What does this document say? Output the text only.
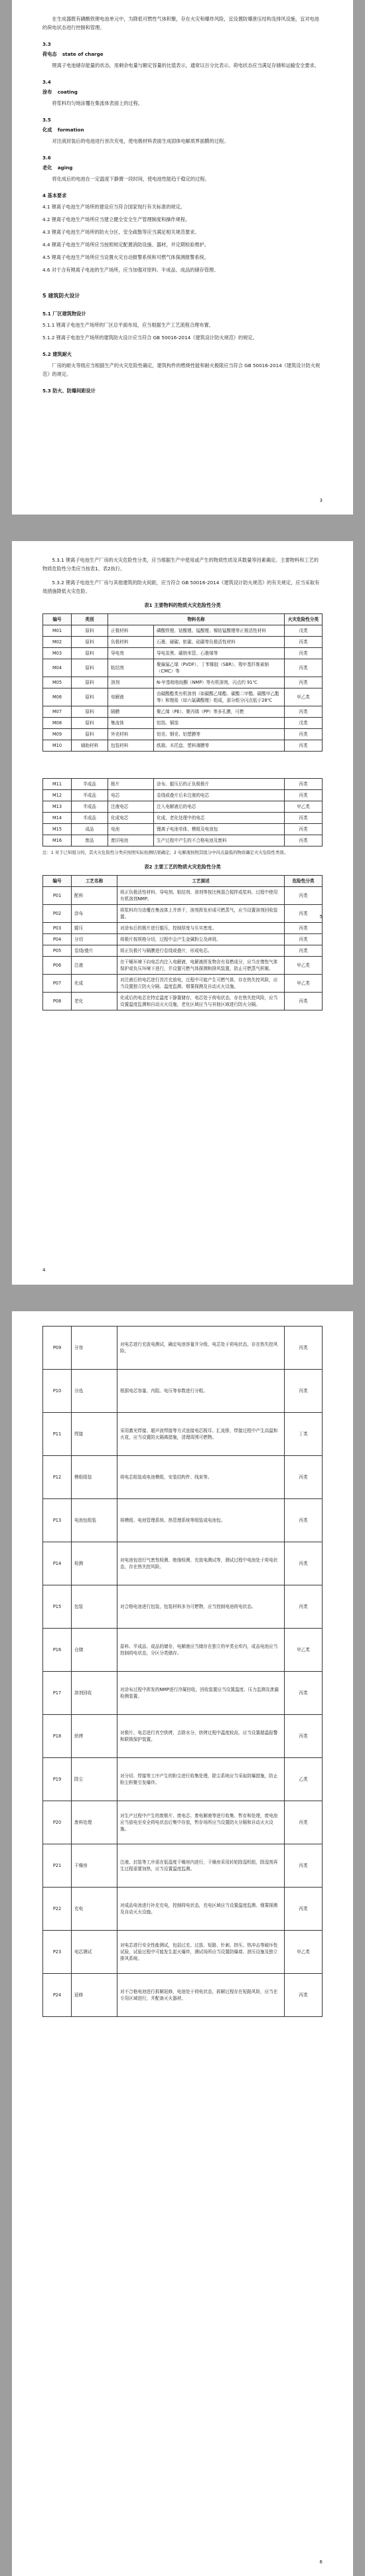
在生成器既有磷酸铁锂电池单元中，为降低可燃性气体积聚，存在火灾和爆炸风险，宜设置防爆泄压结构及排风设施，宜对电池的荷电状态进行控制和管理。

3.3
荷电态 state of charge

锂离子电池储存能量的状态，用剩余电量与额定容量的比值表示，通常以百分比表示。荷电状态应当满足存储和运输安全要求。

3.4
涂布 coating

将浆料均匀地涂覆在集流体表面上的过程。

3.5
化成 formation

对注液封装后的电池进行首次充电，使电极材料表面生成固体电解质界面膜的过程。

3.6
老化 aging

将化成后的电池在一定温度下静置一段时间，使电池性能趋于稳定的过程。

4 基本要求

4.1 锂离子电池生产场所的建设应当符合国家现行有关标准的规定。

4.2 锂离子电池生产场所应当建立健全安全生产管理制度和操作规程。

4.3 锂离子电池生产场所的防火分区、安全疏散等应当满足相关规范要求。

4.4 锂离子电池生产场所应当按照规定配置消防设施、器材，并定期检验维护。

4.5 锂离子电池生产场所应当设置火灾自动报警系统和可燃气体探测报警系统。

4.6 对于含有锂离子电池的生产场所，应当加强对原料、半成品、成品的储存管理。

5 建筑防火设计
5.1 厂区建筑物设计

5.1.1 锂离子电池生产场所的厂区总平面布局，应当根据生产工艺流程合理布置。

5.1.2 锂离子电池生产场所的建筑防火设计应当符合 GB 50016-2014《建筑设计防火规范》的规定。

5.2 建筑耐火

厂房的耐火等级应当根据生产的火灾危险性确定，建筑构件的燃烧性能和耐火极限应当符合 GB 50016-2014《建筑设计防火规范》的规定。

5.3 防火、防爆间距设计
3

5.3.1 锂离子电池生产厂房的火灾危险性分类，应当根据生产中使用或产生的物质性质及其数量等因素确定。主要物料和工艺的物质危险性分类应当按表1、表2执行。

5.3.2 锂离子电池生产厂房与其他建筑的防火间距，应当符合 GB 50016-2014《建筑设计防火规范》的有关规定，应当采取有效措施降低火灾危险。

表1 主要物料的物质火灾危险性分类
编号	类别	物料名称		火灾危险性分类
M01	原料	正极材料	磷酸铁锂、钴酸锂、锰酸锂、镍钴锰酸锂等正极活性材料	戊类
M02	原料	负极材料	石墨、硬碳、软碳、硅碳等负极活性材料	丙类
M03	原料	导电剂	导电炭黑、碳纳米管、石墨烯等	丙类
M04	原料	粘结剂	聚偏氟乙烯（PVDF）、丁苯橡胶（SBR）、羧甲基纤维素钠（CMC）等	丙类
M05	原料	溶剂	N-甲基吡咯烷酮（NMP）等有机溶剂，闪点约 91℃	丙类
M06	原料	电解液	由碳酸酯类有机溶剂（如碳酸乙烯酯、碳酸二甲酯、碳酸甲乙酯等）和锂盐（如六氟磷酸锂）组成，部分组分闪点低于28℃	甲乙类
M07	原料	隔膜	聚乙烯（PE）、聚丙烯（PP）等多孔膜，可燃	丙类
M08	原料	集流体	铝箔、铜箔	戊类
M09	原料	外壳材料	铝壳、钢壳、铝塑膜等	丙类
M10	辅助材料	包装材料	纸箱、木托盘、塑料薄膜等	丙类
5
M11	半成品	极片	涂布、辊压后的正负极极片	丙类
M12	半成品	电芯	卷绕或叠片后未注液的电芯	丙类
M13	半成品	注液电芯	注入电解液后的电芯	甲乙类
M14	半成品	化成电芯	化成、老化处理中的电芯	丙类
M15	成品	电池	锂离子电池单体、模组及电池包	丙类
M16	废品	废旧电池	生产过程中产生的不合格电池及废料	丙类
注：1 对于已知组分的，其火灾危险性分类应按照实际检测结果确定；2 电解液按照其组分中闪点最低的物质确定火灾危险性类别。
表2 主要工艺的物质火灾危险性分类
编号	工艺名称	工艺描述	危险性分类
P01	配料	将正负极活性材料、导电剂、粘结剂、溶剂等按比例混合搅拌成浆料，过程中使用有机溶剂NMP。	丙类
P02	涂布	将浆料均匀涂覆在集流体上并烘干，溶剂挥发形成可燃蒸气，应当设置溶剂回收装置。	丙类
P03	辊压	对涂布后的极片进行辊压，控制厚度与压实密度。	丙类
P04	分切	将极片按规格分切，过程中会产生金属粉尘及碎屑。	丙类
P05	卷绕/叠片	将正负极片与隔膜进行卷绕或叠片，形成电芯。	丙类
P06	注液	在干燥环境下向电芯内注入电解液，电解液挥发物含有易燃成分，应当在惰性气体保护或负压环境下进行，并设置可燃气体探测和排风装置，防止可燃蒸气积聚。	甲乙类
P07	化成	对注液后的电芯进行首次充放电，过程中可能产生可燃气体，存在热失控风险，应当设置独立防火分隔、温度监测、烟雾探测及自动灭火设施。	甲乙类
P08	老化	化成后的电芯在特定温度下静置储存，电芯处于荷电状态，存在热失控风险，应当设置温度监测和自动灭火设施，老化区域应当与其他区域进行防火分隔。	丙类
4
P09	分容	对电芯进行充放电测试，确定电池容量并分级，电芯处于荷电状态，存在热失控风险。	丙类
P10	分选	根据电芯容量、内阻、电压等参数进行分组。	丙类
P11	焊接	采用激光焊接、超声波焊接等方式连接电芯极耳、汇流排，焊接过程中产生高温和火花，应当设置防火隔离措施，清理周围可燃物。	丁类
P12	模组组装	将电芯组装成电池模组，安装结构件、线束等。	丙类
P13	电池包组装	将模组、电池管理系统、热管理系统等组装成电池包。	丙类
P14	检测	对电池包进行气密性检测、绝缘检测、充放电测试等，测试过程中电池处于荷电状态，存在热失控风险。	丙类
P15	包装	对合格电池进行包装，包装材料多为可燃物，应当控制电池荷电状态。	丙类
P16	仓储	原料、半成品、成品的储存，电解液应当储存在独立的甲类仓库内，成品电池应当控制荷电状态，分区分类储存。	甲乙类
P17	溶剂回收	对涂布过程中挥发的NMP进行冷凝回收，回收装置应当设置温度、压力监测及泄漏检测装置。	丙类
P18	烘烤	对极片、电芯进行真空烘烤，去除水分，烘烤过程中温度较高，应当设置超温报警和联锁保护装置。	丙类
P19	除尘	对分切、焊接等工序产生的粉尘进行收集处理，除尘系统应当采取防爆措施，防止粉尘积聚引发爆炸。	乙类
P20	废料处理	对生产过程中产生的废极片、废电芯、废电解液等进行收集、暂存和处理，废电池应当放电至安全荷电状态后集中存放，暂存场所应当设置防火分隔和自动灭火设施。	丙类
P21	干燥房	注液、封装等工序需在低湿度干燥房内进行，干燥房采用转轮除湿机组，除湿剂再生过程需要加热，应当设置温度监测。	丙类
P22	充电	对成品电池进行补充充电，控制荷电状态，充电区域应当设置温度监测、烟雾探测及自动灭火设施。	丙类
P23	电芯测试	对电芯进行安全性能测试，包括过充、过放、短路、针刺、挤压、热冲击等破坏性试验，试验过程中可能发生起火爆炸，测试场所应当设置防爆墙、泄压设施及独立排风系统。	甲乙类
P24	返修	对不合格电池进行拆解返修，电池处于荷电状态，拆解过程存在短路风险，应当在专用区域进行，并配备灭火器材。	丙类
6
